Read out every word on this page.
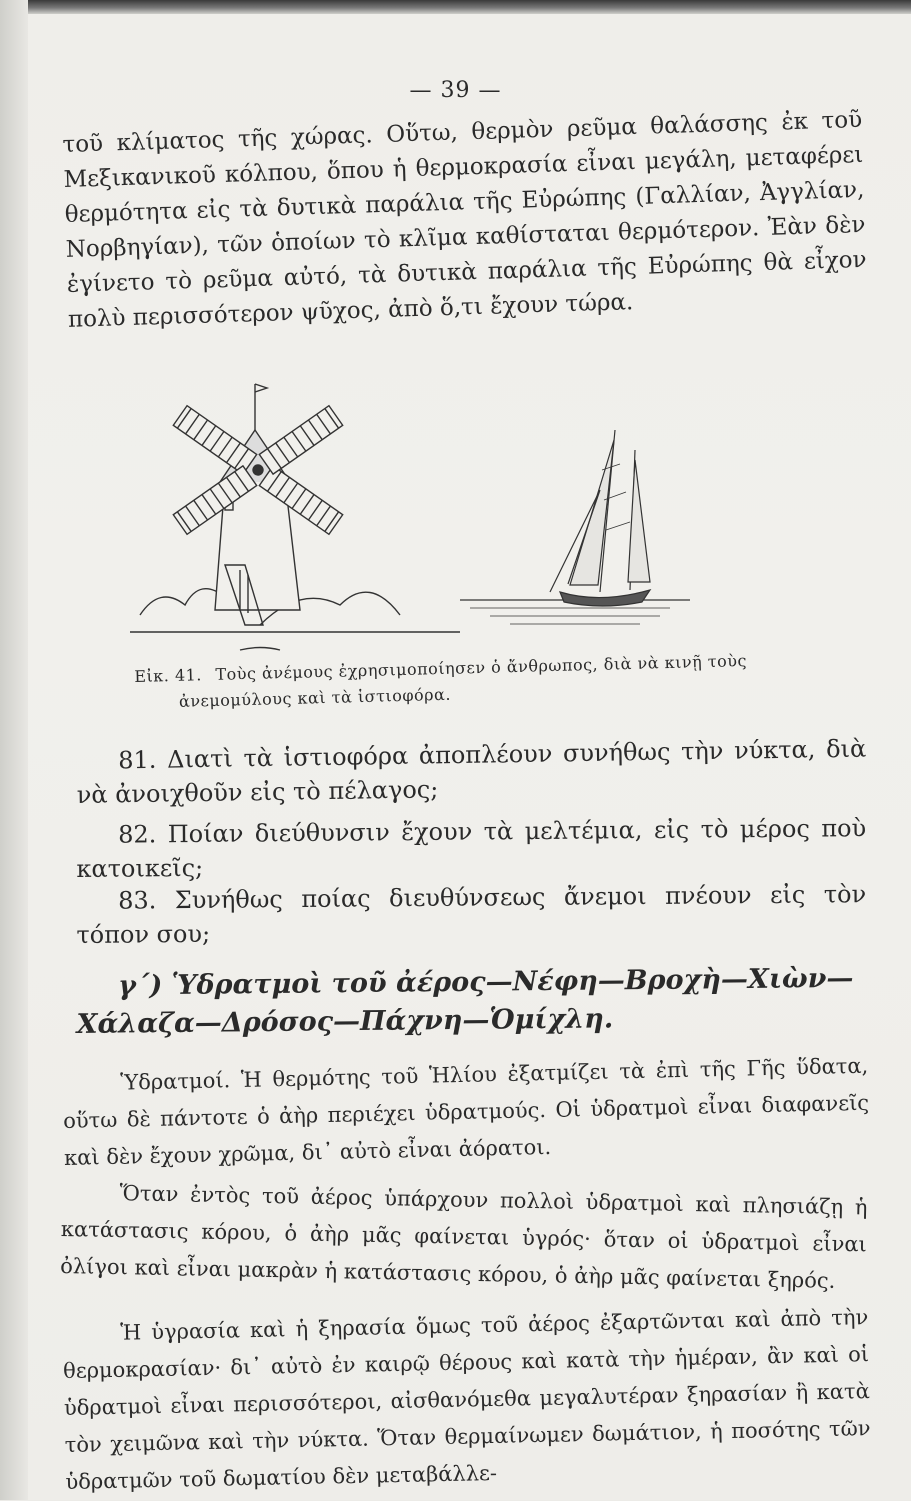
— 39 —

τοῦ κλίματος τῆς χώρας. Οὕτω, θερμὸν ρεῦμα θαλάσσης ἐκ τοῦ Μεξικανικοῦ κόλπου, ὅπου ἡ θερμοκρασία εἶναι μεγάλη, μεταφέρει θερμότητα εἰς τὰ δυτικὰ παράλια τῆς Εὐρώπης (Γαλλίαν, Ἀγγλίαν, Νορβηγίαν), τῶν ὁποίων τὸ κλῖμα καθίσταται θερμότερον. Ἐὰν δὲν ἐγίνετο τὸ ρεῦμα αὐτό, τὰ δυτικὰ παράλια τῆς Εὐρώπης θὰ εἶχον πολὺ περισσότερον ψῦχος, ἀπὸ ὅ,τι ἔχουν τώρα.

Εἰκ. 41. Τοὺς ἀνέμους ἐχρησιμοποίησεν ὁ ἄνθρωπος, διὰ νὰ κινῇ τοὺς
ἀνεμομύλους καὶ τὰ ἱστιοφόρα.

81. Διατὶ τὰ ἱστιοφόρα ἀποπλέουν συνήθως τὴν νύκτα, διὰ νὰ ἀνοιχθοῦν εἰς τὸ πέλαγος;

82. Ποίαν διεύθυνσιν ἔχουν τὰ μελτέμια, εἰς τὸ μέρος ποὺ κατοικεῖς;

83. Συνήθως ποίας διευθύνσεως ἄνεμοι πνέουν εἰς τὸν τόπον σου;

γ΄) Ὑδρατμοὶ τοῦ ἀέρος—Νέφη—Βροχὴ—Χιὼν—Χάλαζα—Δρόσος—Πάχνη—Ὁμίχλη.

Ὑδρατμοί. Ἡ θερμότης τοῦ Ἡλίου ἐξατμίζει τὰ ἐπὶ τῆς Γῆς ὕδατα, οὕτω δὲ πάντοτε ὁ ἀὴρ περιέχει ὑδρατμούς. Οἱ ὑδρατμοὶ εἶναι διαφανεῖς καὶ δὲν ἔχουν χρῶμα, δι᾽ αὐτὸ εἶναι ἀόρατοι.

Ὅταν ἐντὸς τοῦ ἀέρος ὑπάρχουν πολλοὶ ὑδρατμοὶ καὶ πλησιάζῃ ἡ κατάστασις κόρου, ὁ ἀὴρ μᾶς φαίνεται ὑγρός· ὅταν οἱ ὑδρατμοὶ εἶναι ὀλίγοι καὶ εἶναι μακρὰν ἡ κατάστασις κόρου, ὁ ἀὴρ μᾶς φαίνεται ξηρός.

Ἡ ὑγρασία καὶ ἡ ξηρασία ὅμως τοῦ ἀέρος ἐξαρτῶνται καὶ ἀπὸ τὴν θερμοκρασίαν· δι᾽ αὐτὸ ἐν καιρῷ θέρους καὶ κατὰ τὴν ἡμέραν, ἂν καὶ οἱ ὑδρατμοὶ εἶναι περισσότεροι, αἰσθανόμεθα μεγαλυτέραν ξηρασίαν ἢ κατὰ τὸν χειμῶνα καὶ τὴν νύκτα. Ὅταν θερμαίνωμεν δωμάτιον, ἡ ποσότης τῶν ὑδρατμῶν τοῦ δωματίου δὲν μεταβάλλε-
